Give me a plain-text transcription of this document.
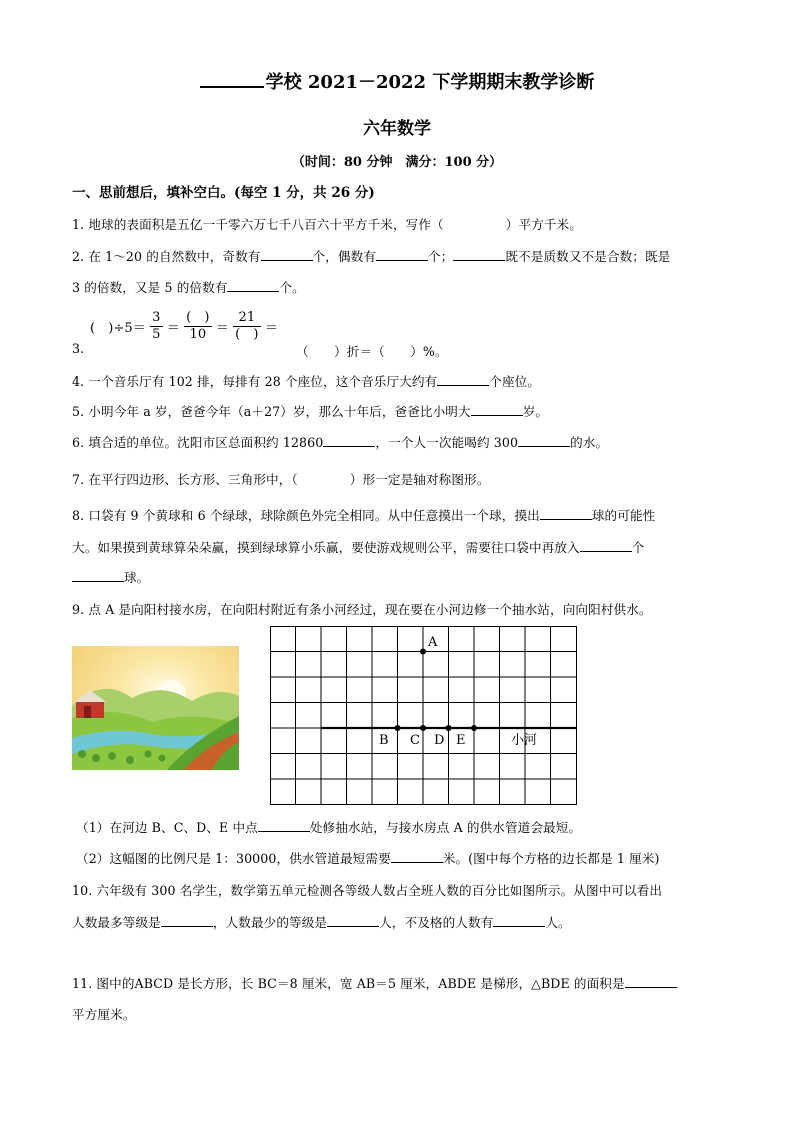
学校 2021－2022 下学期期末教学诊断
六年数学
（时间：80 分钟　满分：100 分）
一、思前想后，填补空白。(每空 1 分，共 26 分)
1. 地球的表面积是五亿一千零六万七千八百六十平方千米，写作（	）平方千米。
2. 在 1～20 的自然数中，奇数有	个，偶数有	个；	既不是质数又不是合数；既是
3 的倍数，又是 5 的倍数有	个。
3.
(　)$\div 5= \frac{3}{5} = \frac{( )}{10} = \frac{21}{( )}$ ＝
（　　）折＝（　　）%。
4. 一个音乐厅有 102 排，每排有 28 个座位，这个音乐厅大约有	个座位。
5. 小明今年 a 岁，爸爸今年（a＋27）岁，那么十年后，爸爸比小明大	岁。
6. 填合适的单位。沈阳市区总面积约 12860	，一个人一次能喝约 300	的水。
7. 在平行四边形、长方形、三角形中，（	）形一定是轴对称图形。
8. 口袋有 9 个黄球和 6 个绿球，球除颜色外完全相同。从中任意摸出一个球，摸出	球的可能性
大。如果摸到黄球算朵朵赢，摸到绿球算小乐赢，要使游戏规则公平，需要往口袋中再放入	个
球。
9. 点 A 是向阳村接水房，在向阳村附近有条小河经过，现在要在小河边修一个抽水站，向向阳村供水。
A
B C D E	小河
（1）在河边 B、C、D、E 中点	处修抽水站，与接水房点 A 的供水管道会最短。
（2）这幅图的比例尺是 1：30000，供水管道最短需要	米。(图中每个方格的边长都是 1 厘米)
10. 六年级有 300 名学生，数学第五单元检测各等级人数占全班人数的百分比如图所示。从图中可以看出
人数最多等级是	，人数最少的等级是	人，不及格的人数有	人。
11. 图中的ABCD 是长方形，长 BC＝8 厘米，宽 AB＝5 厘米，ABDE 是梯形，△BDE 的面积是
平方厘米。
